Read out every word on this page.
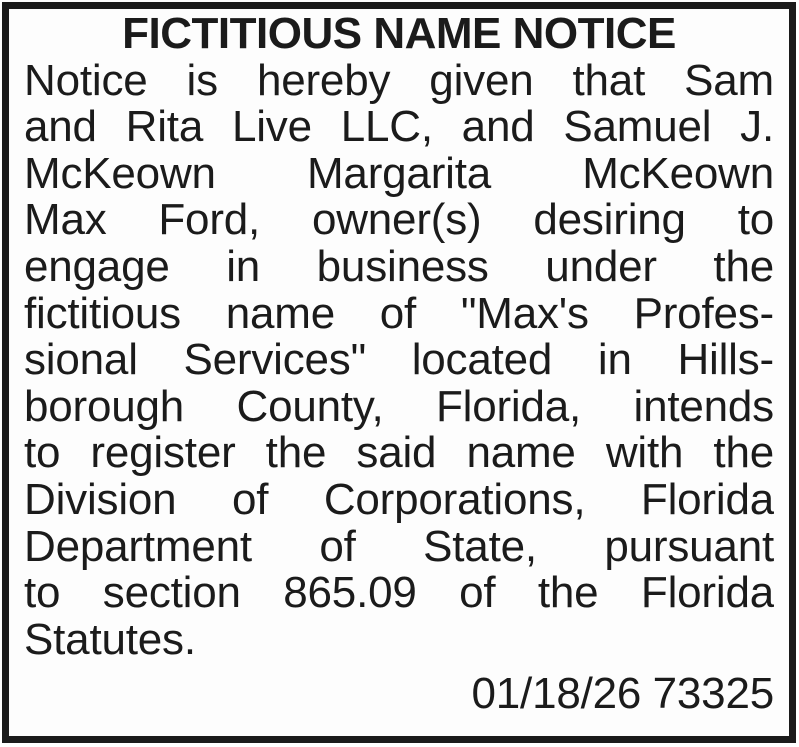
FICTITIOUS NAME NOTICE
Notice is hereby given that Sam
and Rita Live LLC, and Samuel J.
McKeown Margarita McKeown
Max Ford, owner(s) desiring to
engage in business under the
fictitious name of "Max's Profes-
sional Services" located in Hills-
borough County, Florida, intends
to register the said name with the
Division of Corporations, Florida
Department of State, pursuant
to section 865.09 of the Florida
Statutes.
01/18/26 73325
